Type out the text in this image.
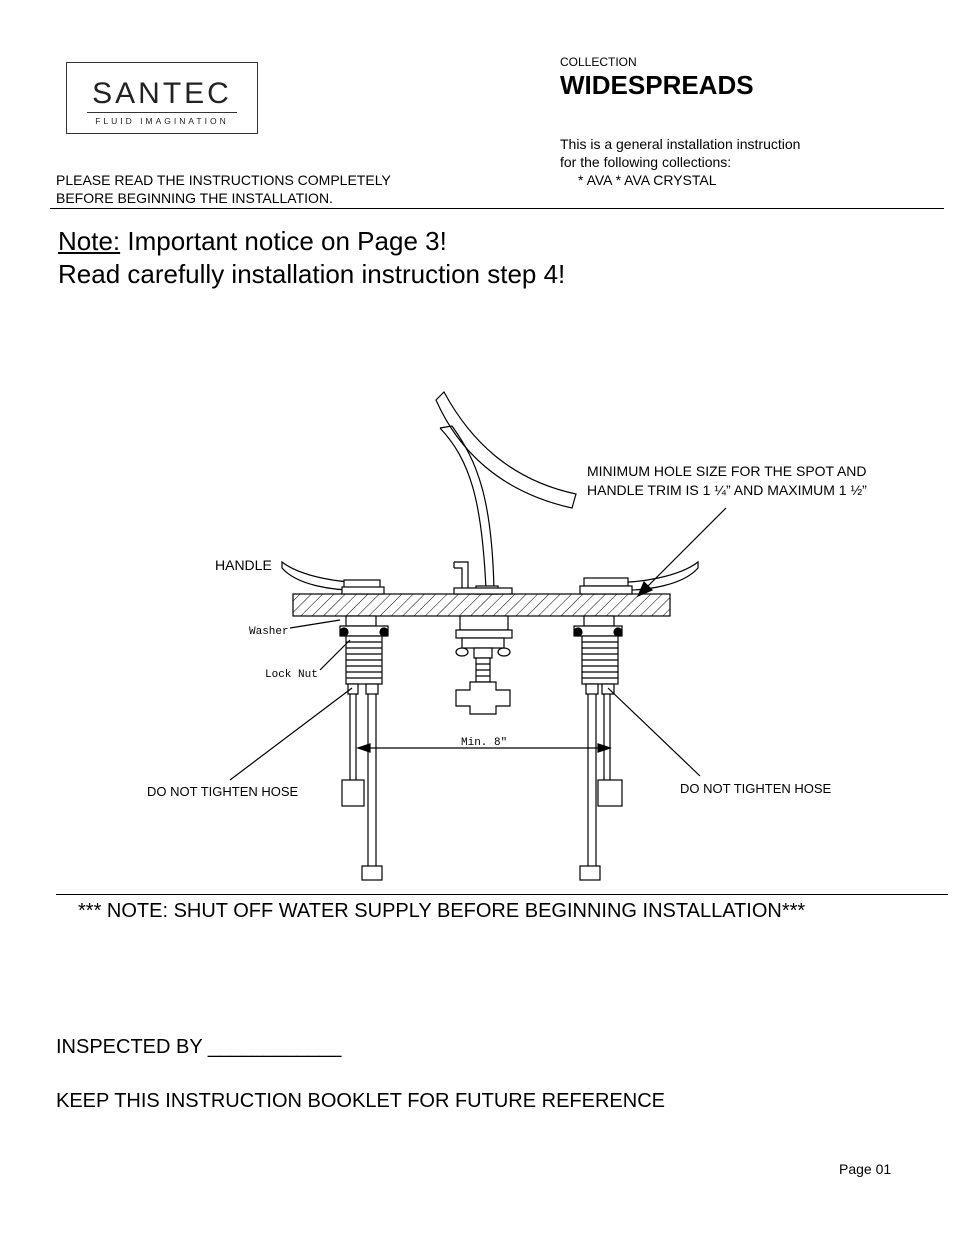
SANTEC
FLUID IMAGINATION
COLLECTION
WIDESPREADS
This is a general installation instruction
for the following collections:
* AVA * AVA CRYSTAL
PLEASE READ THE INSTRUCTIONS COMPLETELY
BEFORE BEGINNING THE INSTALLATION.
Note: Important notice on Page 3!
Read carefully installation instruction step 4!
MINIMUM HOLE SIZE FOR THE SPOT AND
HANDLE TRIM IS 1 ¼” AND MAXIMUM 1 ½”
HANDLE
DO NOT TIGHTEN HOSE	DO NOT TIGHTEN HOSE
Washer
Lock Nut
Min. 8"
*** NOTE: SHUT OFF WATER SUPPLY BEFORE BEGINNING INSTALLATION***
INSPECTED BY ____________
KEEP THIS INSTRUCTION BOOKLET FOR FUTURE REFERENCE
Page 01
